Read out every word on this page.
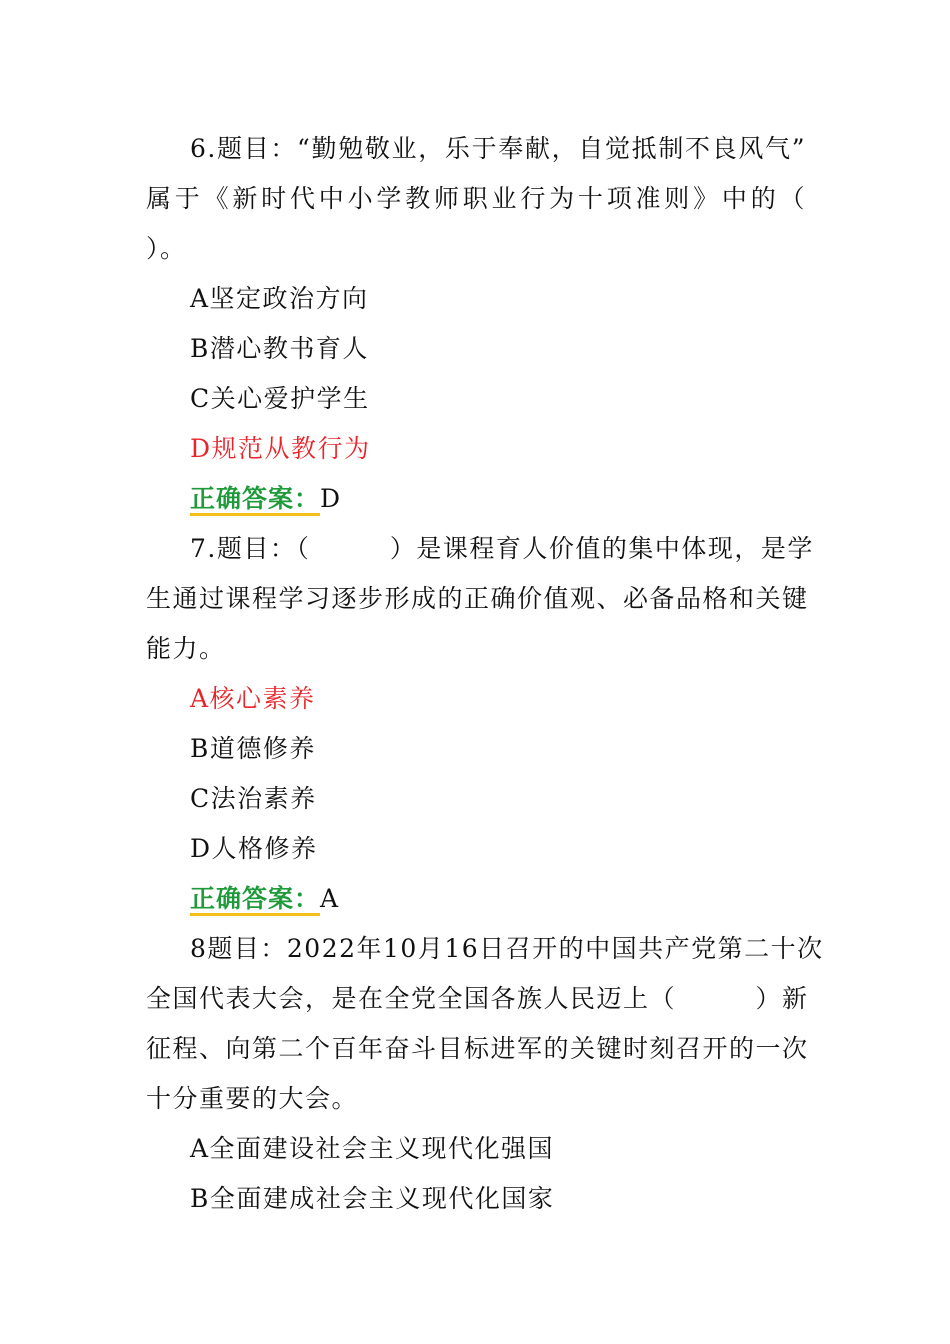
6.题目：“勤勉敬业，乐于奉献，自觉抵制不良风气”
属于《新时代中小学教师职业行为十项准则》中的（
）。
A坚定政治方向
B潜心教书育人
C关心爱护学生
D规范从教行为
正确答案：D
7.题目：（　　　）是课程育人价值的集中体现，是学
生通过课程学习逐步形成的正确价值观、必备品格和关键
能力。
A核心素养
B道德修养
C法治素养
D人格修养
正确答案：A
8题目：2022年10月16日召开的中国共产党第二十次
全国代表大会，是在全党全国各族人民迈上（　　　）新
征程、向第二个百年奋斗目标进军的关键时刻召开的一次
十分重要的大会。
A全面建设社会主义现代化强国
B全面建成社会主义现代化国家
